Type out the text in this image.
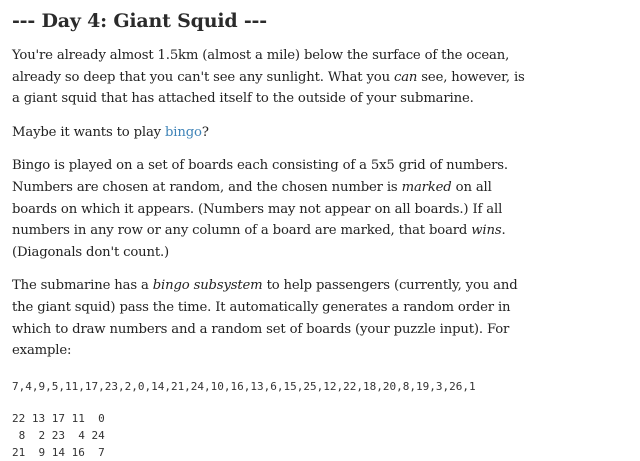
--- Day 4: Giant Squid ---

You're already almost 1.5km (almost a mile) below the surface of the ocean, already so deep that you can't see any sunlight. What you can see, however, is a giant squid that has attached itself to the outside of your submarine.

Maybe it wants to play bingo?

Bingo is played on a set of boards each consisting of a 5x5 grid of numbers. Numbers are chosen at random, and the chosen number is marked on all boards on which it appears. (Numbers may not appear on all boards.) If all numbers in any row or any column of a board are marked, that board wins. (Diagonals don't count.)

The submarine has a bingo subsystem to help passengers (currently, you and the giant squid) pass the time. It automatically generates a random order in which to draw numbers and a random set of boards (your puzzle input). For example:

7,4,9,5,11,17,23,2,0,14,21,24,10,16,13,6,15,25,12,22,18,20,8,19,3,26,1
22 13 17 11  0
8  2 23  4 24
21  9 14 16  7
